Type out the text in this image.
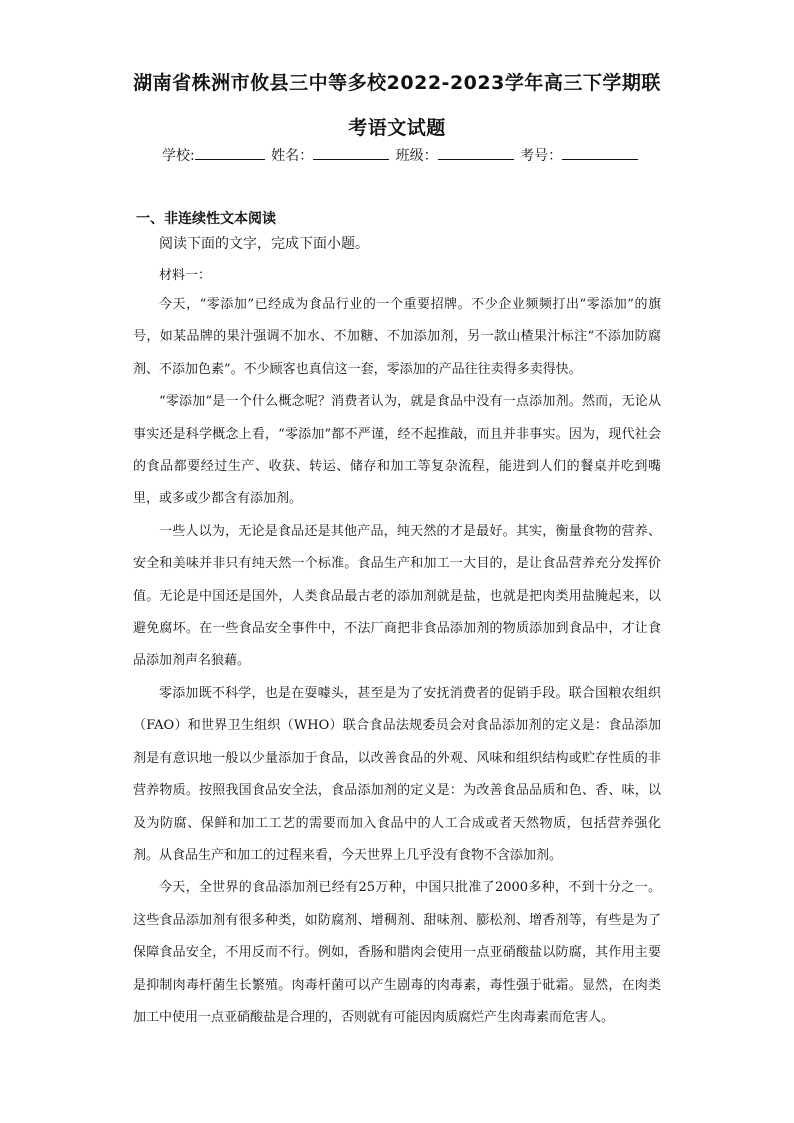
湖南省株洲市攸县三中等多校2022-2023学年高三下学期联
考语文试题
学校:	姓名：	班级：	考号：
一、非连续性文本阅读
阅读下面的文字，完成下面小题。
材料一：

今天，“零添加”已经成为食品行业的一个重要招牌。不少企业频频打出“零添加”的旗号，如某品牌的果汁强调不加水、不加糖、不加添加剂，另一款山楂果汁标注“不添加防腐剂、不添加色素”。不少顾客也真信这一套，零添加的产品往往卖得多卖得快。

“零添加”是一个什么概念呢？消费者认为，就是食品中没有一点添加剂。然而，无论从事实还是科学概念上看，“零添加”都不严谨，经不起推敲，而且并非事实。因为，现代社会的食品都要经过生产、收获、转运、储存和加工等复杂流程，能进到人们的餐桌并吃到嘴里，或多或少都含有添加剂。

一些人以为，无论是食品还是其他产品，纯天然的才是最好。其实，衡量食物的营养、安全和美味并非只有纯天然一个标准。食品生产和加工一大目的，是让食品营养充分发挥价值。无论是中国还是国外，人类食品最古老的添加剂就是盐，也就是把肉类用盐腌起来，以避免腐坏。在一些食品安全事件中，不法厂商把非食品添加剂的物质添加到食品中，才让食品添加剂声名狼藉。

零添加既不科学，也是在耍噱头，甚至是为了安抚消费者的促销手段。联合国粮农组织（FAO）和世界卫生组织（WHO）联合食品法规委员会对食品添加剂的定义是：食品添加剂是有意识地一般以少量添加于食品，以改善食品的外观、风味和组织结构或贮存性质的非营养物质。按照我国食品安全法，食品添加剂的定义是：为改善食品品质和色、香、味，以及为防腐、保鲜和加工工艺的需要而加入食品中的人工合成或者天然物质，包括营养强化剂。从食品生产和加工的过程来看，今天世界上几乎没有食物不含添加剂。

今天，全世界的食品添加剂已经有25万种，中国只批准了2000多种，不到十分之一。这些食品添加剂有很多种类，如防腐剂、增稠剂、甜味剂、膨松剂、增香剂等，有些是为了保障食品安全，不用反而不行。例如，香肠和腊肉会使用一点亚硝酸盐以防腐，其作用主要是抑制肉毒杆菌生长繁殖。肉毒杆菌可以产生剧毒的肉毒素，毒性强于砒霜。显然，在肉类加工中使用一点亚硝酸盐是合理的，否则就有可能因肉质腐烂产生肉毒素而危害人。
